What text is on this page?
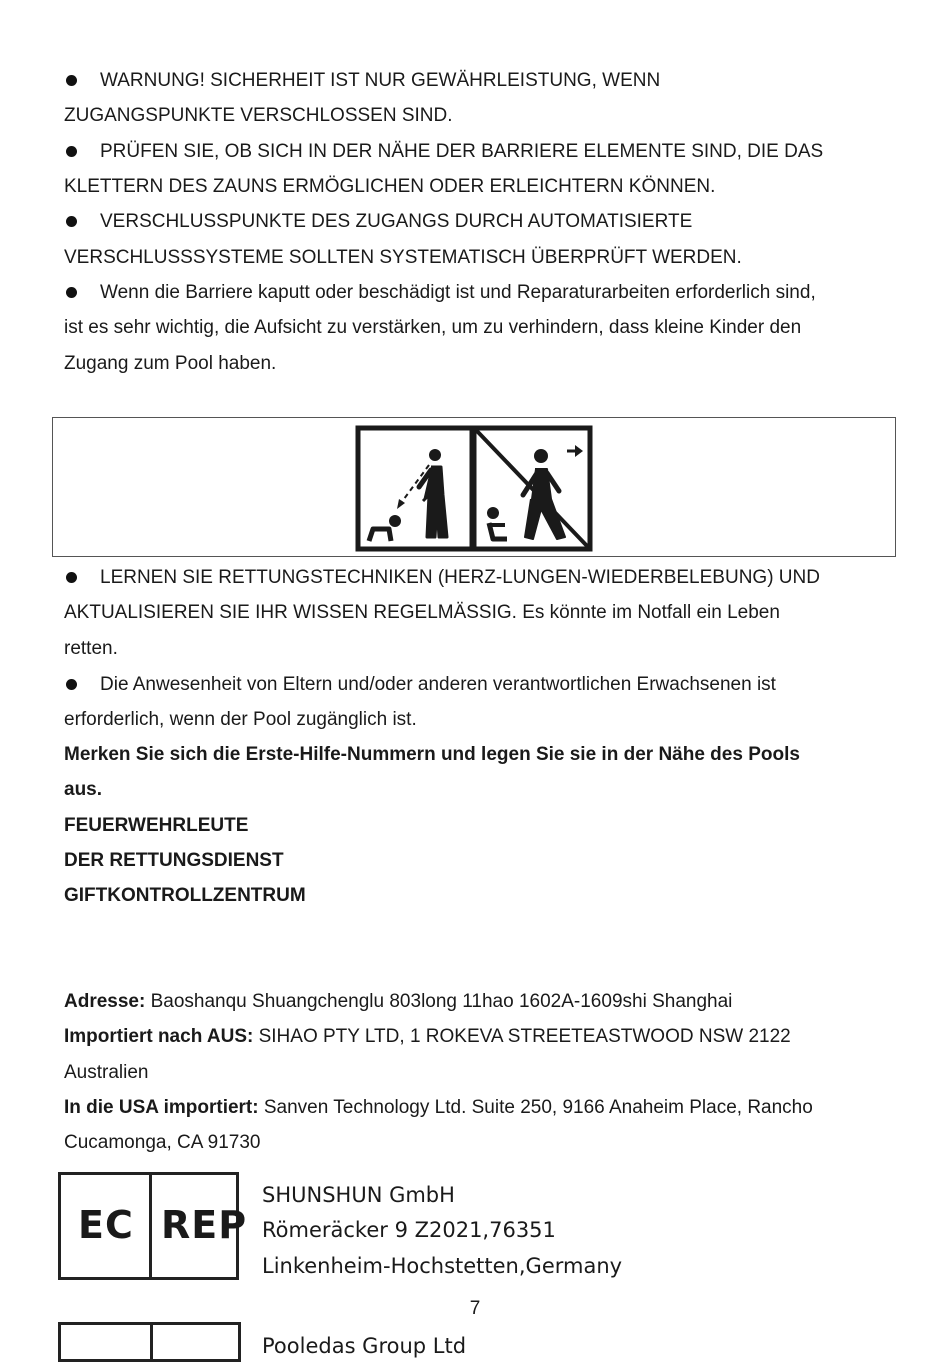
WARNUNG! SICHERHEIT IST NUR GEWÄHRLEISTUNG, WENN
ZUGANGSPUNKTE VERSCHLOSSEN SIND.
PRÜFEN SIE, OB SICH IN DER NÄHE DER BARRIERE ELEMENTE SIND, DIE DAS
KLETTERN DES ZAUNS ERMÖGLICHEN ODER ERLEICHTERN KÖNNEN.
VERSCHLUSSPUNKTE DES ZUGANGS DURCH AUTOMATISIERTE
VERSCHLUSSSYSTEME SOLLTEN SYSTEMATISCH ÜBERPRÜFT WERDEN.
Wenn die Barriere kaputt oder beschädigt ist und Reparaturarbeiten erforderlich sind,
ist es sehr wichtig, die Aufsicht zu verstärken, um zu verhindern, dass kleine Kinder den
Zugang zum Pool haben.
LERNEN SIE RETTUNGSTECHNIKEN (HERZ-LUNGEN-WIEDERBELEBUNG) UND
AKTUALISIEREN SIE IHR WISSEN REGELMÄSSIG. Es könnte im Notfall ein Leben
retten.
Die Anwesenheit von Eltern und/oder anderen verantwortlichen Erwachsenen ist
erforderlich, wenn der Pool zugänglich ist.
Merken Sie sich die Erste-Hilfe-Nummern und legen Sie sie in der Nähe des Pools
aus.
FEUERWEHRLEUTE
DER RETTUNGSDIENST
GIFTKONTROLLZENTRUM
Adresse: Baoshanqu Shuangchenglu 803long 11hao 1602A-1609shi Shanghai
Importiert nach AUS: SIHAO PTY LTD, 1 ROKEVA STREETEASTWOOD NSW 2122
Australien
In die USA importiert: Sanven Technology Ltd. Suite 250, 9166 Anaheim Place, Rancho
Cucamonga, CA 91730
EC REP
SHUNSHUN GmbH
Römeräcker 9 Z2021,76351
Linkenheim-Hochstetten,Germany
7
Pooledas Group Ltd
